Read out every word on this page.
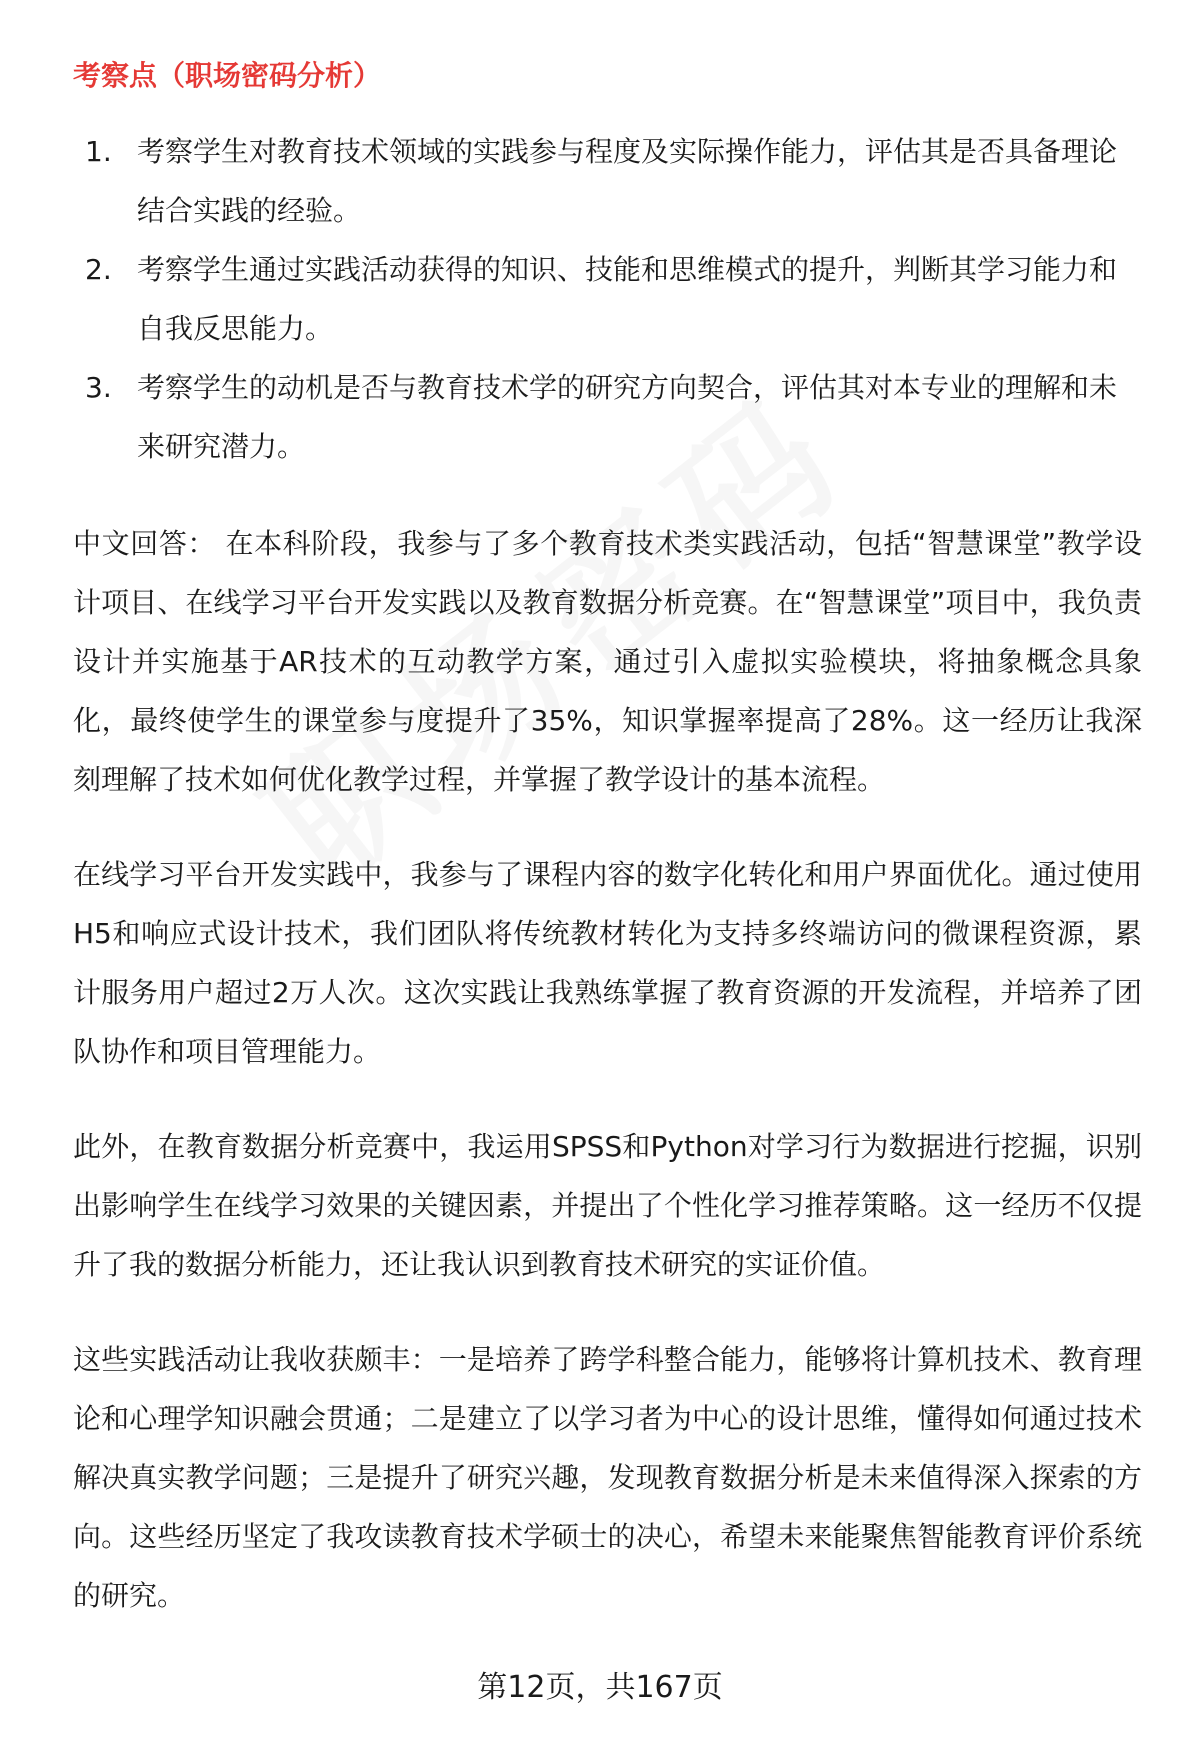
考察点（职场密码分析）
1. 考察学生对教育技术领域的实践参与程度及实际操作能力，评估其是否具备理论结合实践的经验。
2. 考察学生通过实践活动获得的知识、技能和思维模式的提升，判断其学习能力和自我反思能力。
3. 考察学生的动机是否与教育技术学的研究方向契合，评估其对本专业的理解和未来研究潜力。

中文回答： 在本科阶段，我参与了多个教育技术类实践活动，包括“智慧课堂”教学设计项目、在线学习平台开发实践以及教育数据分析竞赛。在“智慧课堂”项目中，我负责设计并实施基于AR技术的互动教学方案，通过引入虚拟实验模块，将抽象概念具象化，最终使学生的课堂参与度提升了35%，知识掌握率提高了28%。这一经历让我深刻理解了技术如何优化教学过程，并掌握了教学设计的基本流程。

在线学习平台开发实践中，我参与了课程内容的数字化转化和用户界面优化。通过使用H5和响应式设计技术，我们团队将传统教材转化为支持多终端访问的微课程资源，累计服务用户超过2万人次。这次实践让我熟练掌握了教育资源的开发流程，并培养了团队协作和项目管理能力。

此外，在教育数据分析竞赛中，我运用SPSS和Python对学习行为数据进行挖掘，识别出影响学生在线学习效果的关键因素，并提出了个性化学习推荐策略。这一经历不仅提升了我的数据分析能力，还让我认识到教育技术研究的实证价值。

这些实践活动让我收获颇丰：一是培养了跨学科整合能力，能够将计算机技术、教育理论和心理学知识融会贯通；二是建立了以学习者为中心的设计思维，懂得如何通过技术解决真实教学问题；三是提升了研究兴趣，发现教育数据分析是未来值得深入探索的方向。这些经历坚定了我攻读教育技术学硕士的决心，希望未来能聚焦智能教育评价系统的研究。

第12页，共167页
